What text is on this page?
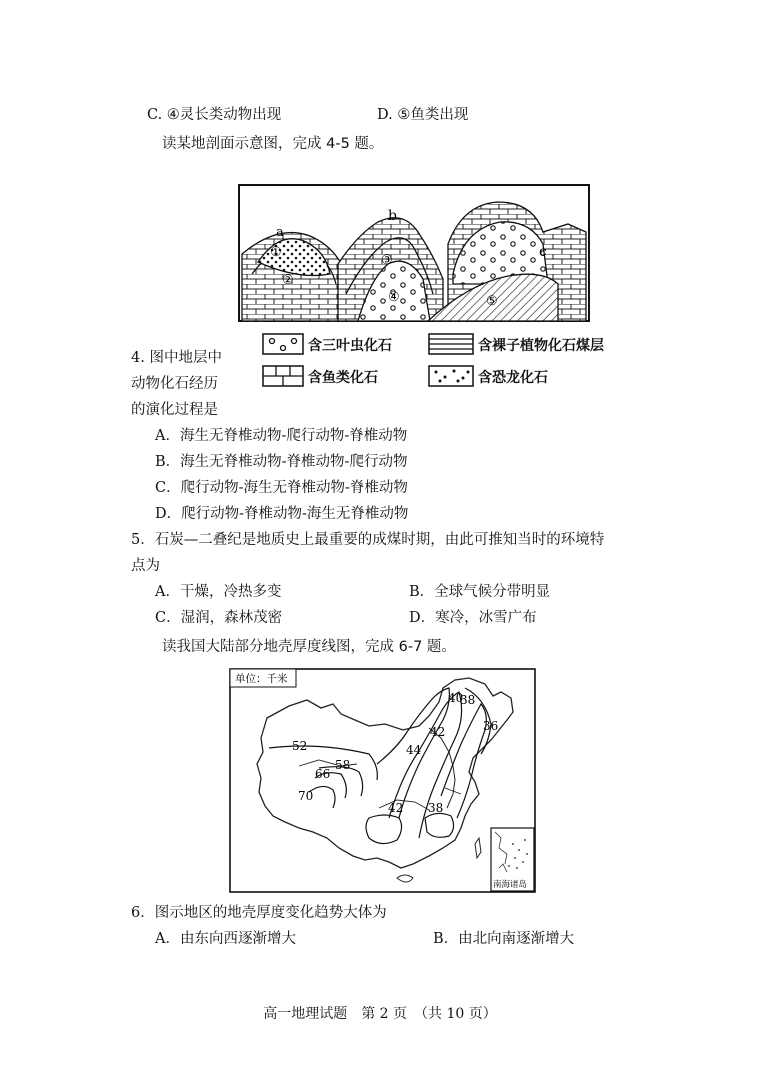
C. ④灵长类动物出现	D. ⑤鱼类出现
读某地剖面示意图，完成 4-5 题。
a
①
②
b
③
④
c
⑤
含三叶虫化石	含裸子植物化石煤层
含鱼类化石	含恐龙化石
4. 图中地层中
动物化石经历
的演化过程是
A．海生无脊椎动物-爬行动物-脊椎动物
B．海生无脊椎动物-脊椎动物-爬行动物
C．爬行动物-海生无脊椎动物-脊椎动物
D．爬行动物-脊椎动物-海生无脊椎动物
5．石炭—二叠纪是地质史上最重要的成煤时期，由此可推知当时的环境特
点为
A．干燥，冷热多变	B．全球气候分带明显
C．湿润，森林茂密	D．寒冷，冰雪广布
读我国大陆部分地壳厚度线图，完成 6-7 题。
单位：千米
40
38
36
42
44
52
58
66
70
42 38
南海诸岛
6．图示地区的地壳厚度变化趋势大体为
A．由东向西逐渐增大	B．由北向南逐渐增大
高一地理试题　第 2 页　（共 10 页）
